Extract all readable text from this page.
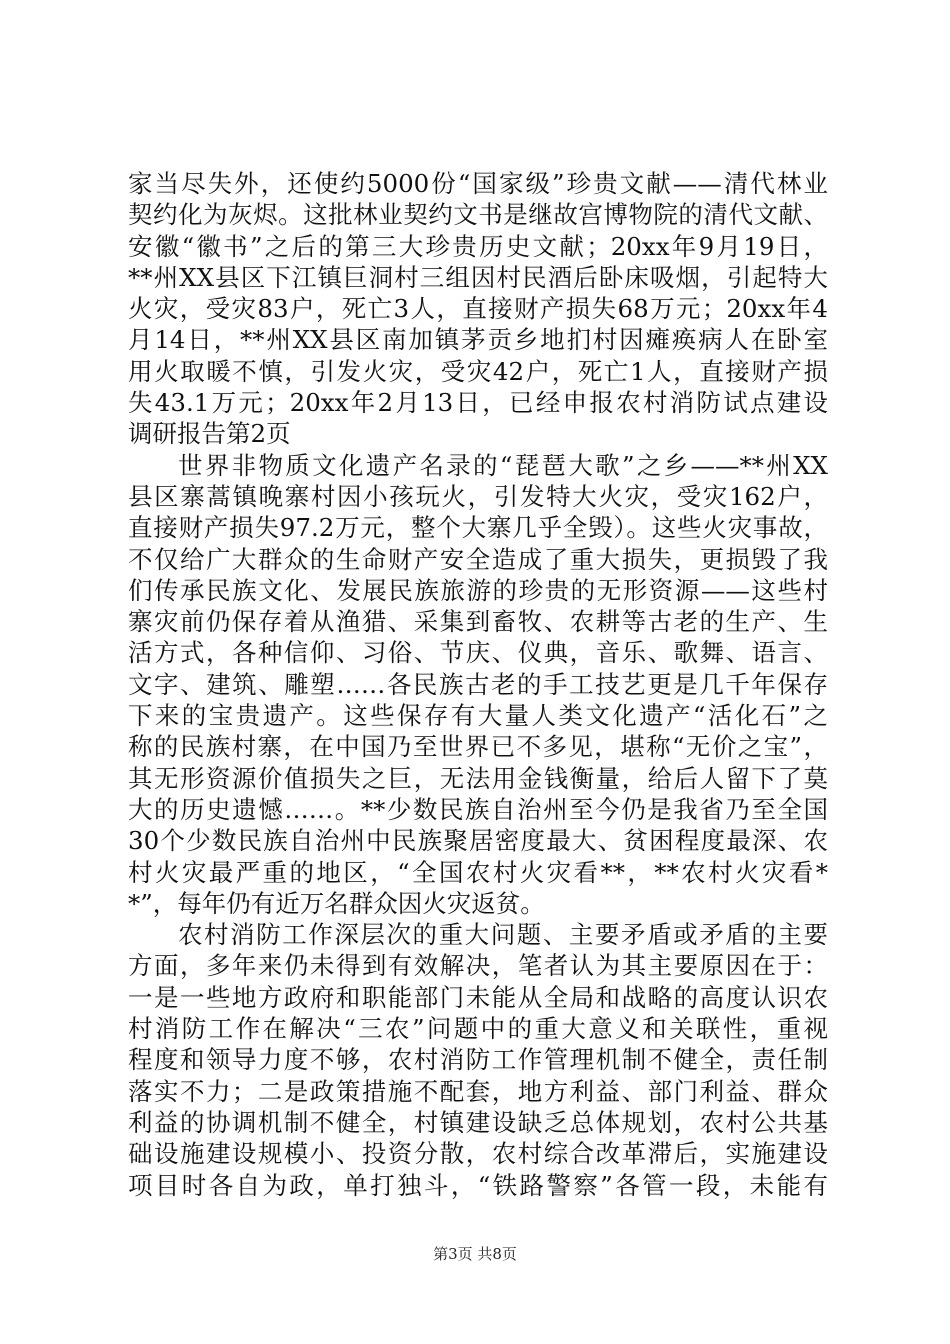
家当尽失外，还使约5000份“国家级”珍贵文献——清代林业
契约化为灰烬。这批林业契约文书是继故宫博物院的清代文献、
安徽“徽书”之后的第三大珍贵历史文献；20xx年9月19日，
**州XX县区下江镇巨洞村三组因村民酒后卧床吸烟，引起特大
火灾，受灾83户，死亡3人，直接财产损失68万元；20xx年4
月14日，**州XX县区南加镇茅贡乡地扪村因瘫痪病人在卧室
用火取暖不慎，引发火灾，受灾42户，死亡1人，直接财产损
失43.1万元；20xx年2月13日，已经申报农村消防试点建设
调研报告第2页
世界非物质文化遗产名录的“琵琶大歌”之乡——**州XX
县区寨蒿镇晚寨村因小孩玩火，引发特大火灾，受灾162户，
直接财产损失97.2万元，整个大寨几乎全毁）。这些火灾事故，
不仅给广大群众的生命财产安全造成了重大损失，更损毁了我
们传承民族文化、发展民族旅游的珍贵的无形资源——这些村
寨灾前仍保存着从渔猎、采集到畜牧、农耕等古老的生产、生
活方式，各种信仰、习俗、节庆、仪典，音乐、歌舞、语言、
文字、建筑、雕塑……各民族古老的手工技艺更是几千年保存
下来的宝贵遗产。这些保存有大量人类文化遗产“活化石”之
称的民族村寨，在中国乃至世界已不多见，堪称“无价之宝”，
其无形资源价值损失之巨，无法用金钱衡量，给后人留下了莫
大的历史遗憾……。**少数民族自治州至今仍是我省乃至全国
30个少数民族自治州中民族聚居密度最大、贫困程度最深、农
村火灾最严重的地区，“全国农村火灾看**，**农村火灾看*
*”，每年仍有近万名群众因火灾返贫。
农村消防工作深层次的重大问题、主要矛盾或矛盾的主要
方面，多年来仍未得到有效解决，笔者认为其主要原因在于：
一是一些地方政府和职能部门未能从全局和战略的高度认识农
村消防工作在解决“三农”问题中的重大意义和关联性，重视
程度和领导力度不够，农村消防工作管理机制不健全，责任制
落实不力；二是政策措施不配套，地方利益、部门利益、群众
利益的协调机制不健全，村镇建设缺乏总体规划，农村公共基
础设施建设规模小、投资分散，农村综合改革滞后，实施建设
项目时各自为政，单打独斗，“铁路警察”各管一段，未能有
第3页 共8页
